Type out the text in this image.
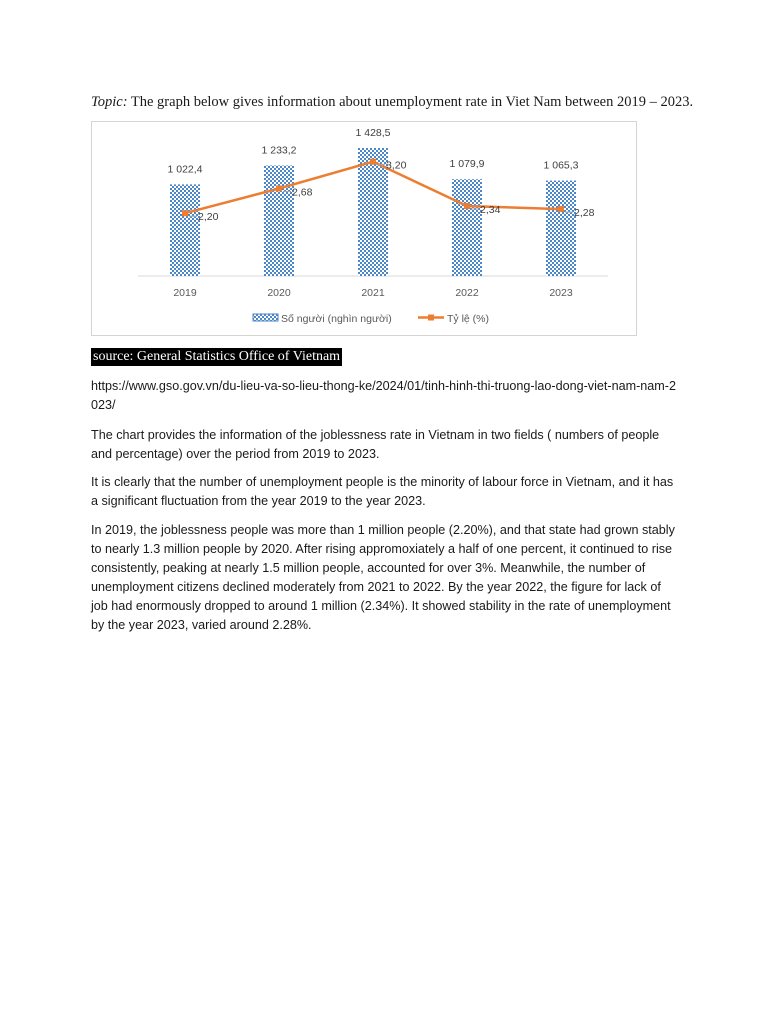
Topic: The graph below gives information about unemployment rate in Viet Nam between 2019 – 2023.
1 022,4
2019
1 233,2
2020
1 428,5
2021
1 079,9
2022
1 065,3
2023
2,20
2,68
3,20
2,34	2,28
Số người (nghìn người)	Tỷ lệ (%)
source: General Statistics Office of Vietnam

https://www.gso.gov.vn/du-lieu-va-so-lieu-thong-ke/2024/01/tinh-hinh-thi-truong-lao-dong-viet-nam-nam-2023/

The chart provides the information of the joblessness rate in Vietnam in two fields ( numbers of people and percentage) over the period from 2019 to 2023.

It is clearly that the number of unemployment people is the minority of labour force in Vietnam, and it has a significant fluctuation from the year 2019 to the year 2023.

In 2019, the joblessness people was more than 1 million people (2.20%), and that state had grown stably to nearly 1.3 million people by 2020. After rising appromoxiately a half of one percent, it continued to rise consistently, peaking at nearly 1.5 million people, accounted for over 3%. Meanwhile, the number of unemployment citizens declined moderately from 2021 to 2022. By the year 2022, the figure for lack of job had enormously dropped to around 1 million (2.34%). It showed stability in the rate of unemployment by the year 2023, varied around 2.28%.
